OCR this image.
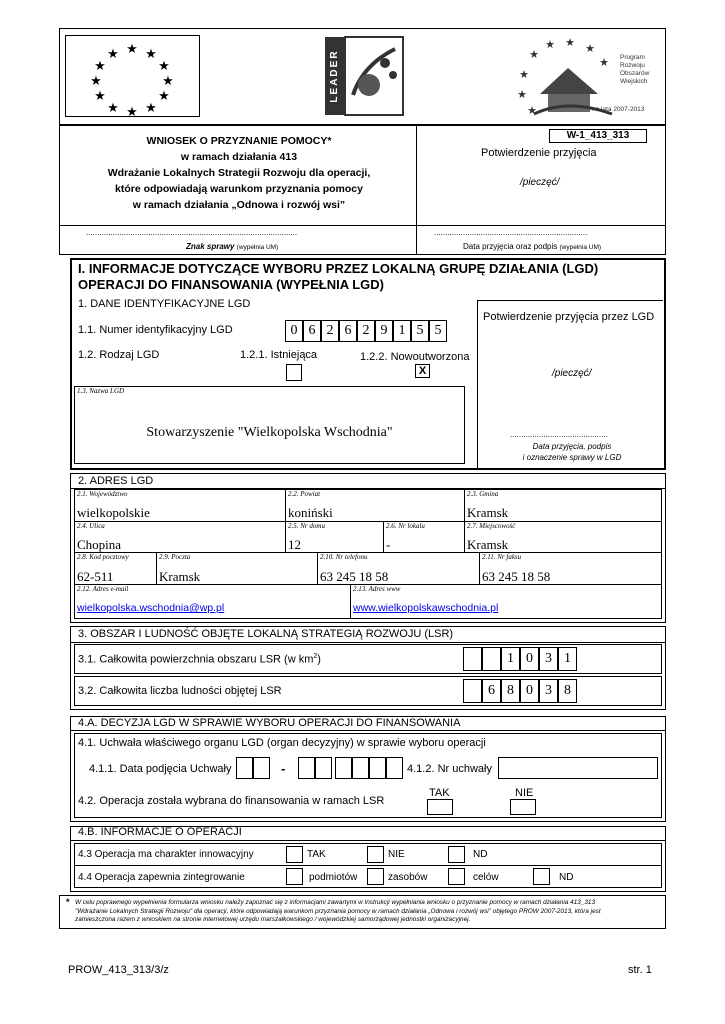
★ ★
★
★
★
★
★
★
★
★
★
★	LEADER	★
★ ★ ★
★
★
★
★
Program
Rozwoju
Obszarów
Wiejskich
na lata 2007-2013
WNIOSEK O PRZYZNANIE POMOCY*
w ramach działania 413
Wdrażanie Lokalnych Strategii Rozwoju dla operacji,
które odpowiadają warunkom przyznania pomocy
w ramach działania „Odnowa i rozwój wsi”
W-1_413_313
Potwierdzenie przyjęcia
/pieczęć/
...............................................................................................
Znak sprawy (wypełnia UM)
.....................................................................
Data przyjęcia oraz podpis (wypełnia UM)
I. INFORMACJE DOTYCZĄCE WYBORU PRZEZ LOKALNĄ GRUPĘ DZIAŁANIA (LGD)
OPERACJI DO FINANSOWANIA (WYPEŁNIA LGD)
1. DANE IDENTYFIKACYJNE LGD
Potwierdzenie przyjęcia przez LGD
/pieczęć/
............................................
Data przyjęcia, podpis
i oznaczenie sprawy w LGD
1.1. Numer identyfikacyjny LGD	0 6 2 6 2 9 1 5 5
1.2. Rodzaj LGD	1.2.1. Istniejąca	1.2.2. Nowoutworzona
X
1.3. Nazwa LGD
Stowarzyszenie "Wielkopolska Wschodnia"
2. ADRES LGD
2.1. Województwo
wielkopolskie
2.2. Powiat
koniński
2.3. Gmina
Kramsk
2.4. Ulica
Chopina
2.5. Nr domu
12
2.6. Nr lokalu
-
2.7. Miejscowość
Kramsk
2.8. Kod pocztowy
62-511
2.9. Poczta
Kramsk
2.10. Nr telefonu
63 245 18 58
2.11. Nr faksu
63 245 18 58
2.12. Adres e-mail
wielkopolska.wschodnia@wp.pl
2.13. Adres www
www.wielkopolskawschodnia.pl
3. OBSZAR I LUDNOŚĆ OBJĘTE LOKALNĄ STRATEGIĄ ROZWOJU (LSR)
3.1. Całkowita powierzchnia obszaru LSR (w $km^2$)	1 0 3 1
3.2. Całkowita liczba ludności objętej LSR	6 8 0 3 8
4.A. DECYZJA LGD W SPRAWIE WYBORU OPERACJI DO FINANSOWANIA
4.1. Uchwała właściwego organu LGD (organ decyzyjny) w sprawie wyboru operacji
4.1.1. Data podjęcia Uchwały	-	4.1.2. Nr uchwały
4.2. Operacja została wybrana do finansowania w ramach LSR
TAK	NIE
4.B. INFORMACJE O OPERACJI
4.3 Operacja ma charakter innowacyjny	TAK	NIE	ND
4.4 Operacja zapewnia zintegrowanie	podmiotów	zasobów	celów	ND
* W celu poprawnego wypełnienia formularza wniosku należy zapoznać się z informacjami zawartymi w Instrukcji wypełniania wniosku o przyznanie pomocy w ramach działania 413_313
"Wdrażanie Lokalnych Strategii Rozwoju" dla operacji, które odpowiadają warunkom przyznania pomocy w ramach działania „Odnowa i rozwój wsi” objętego PROW 2007-2013, która jest
zamieszczona razem z wnioskiem na stronie internetowej urzędu marszałkowskiego / wojewódzkiej samorządowej jednostki organizacyjnej.
PROW_413_313/3/z	str. 1
